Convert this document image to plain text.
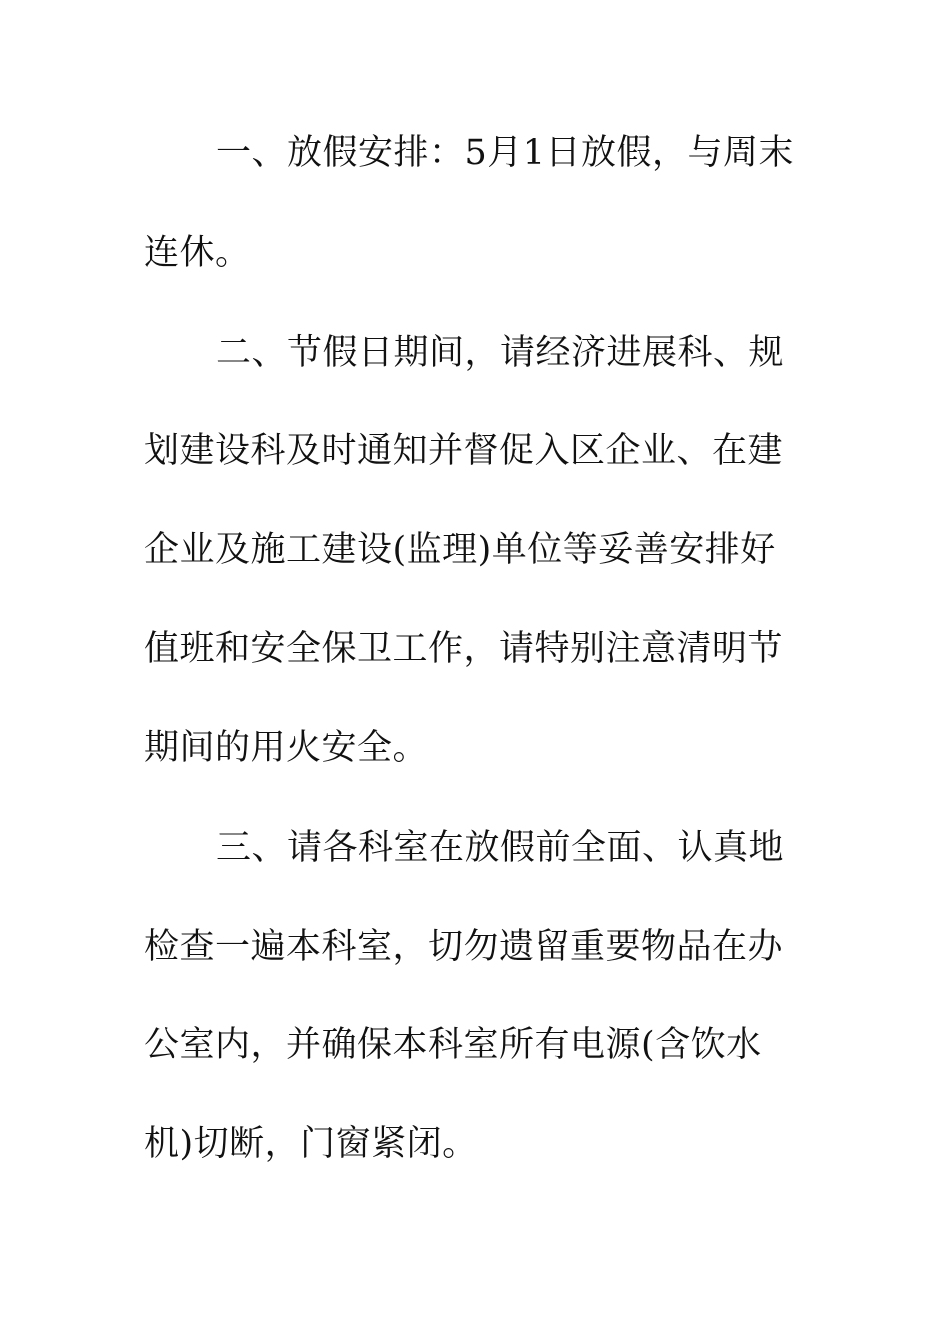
一、放假安排：5月1日放假，与周末
连休。
二、节假日期间，请经济进展科、规
划建设科及时通知并督促入区企业、在建
企业及施工建设(监理)单位等妥善安排好
值班和安全保卫工作，请特别注意清明节
期间的用火安全。
三、请各科室在放假前全面、认真地
检查一遍本科室，切勿遗留重要物品在办
公室内，并确保本科室所有电源(含饮水
机)切断，门窗紧闭。
